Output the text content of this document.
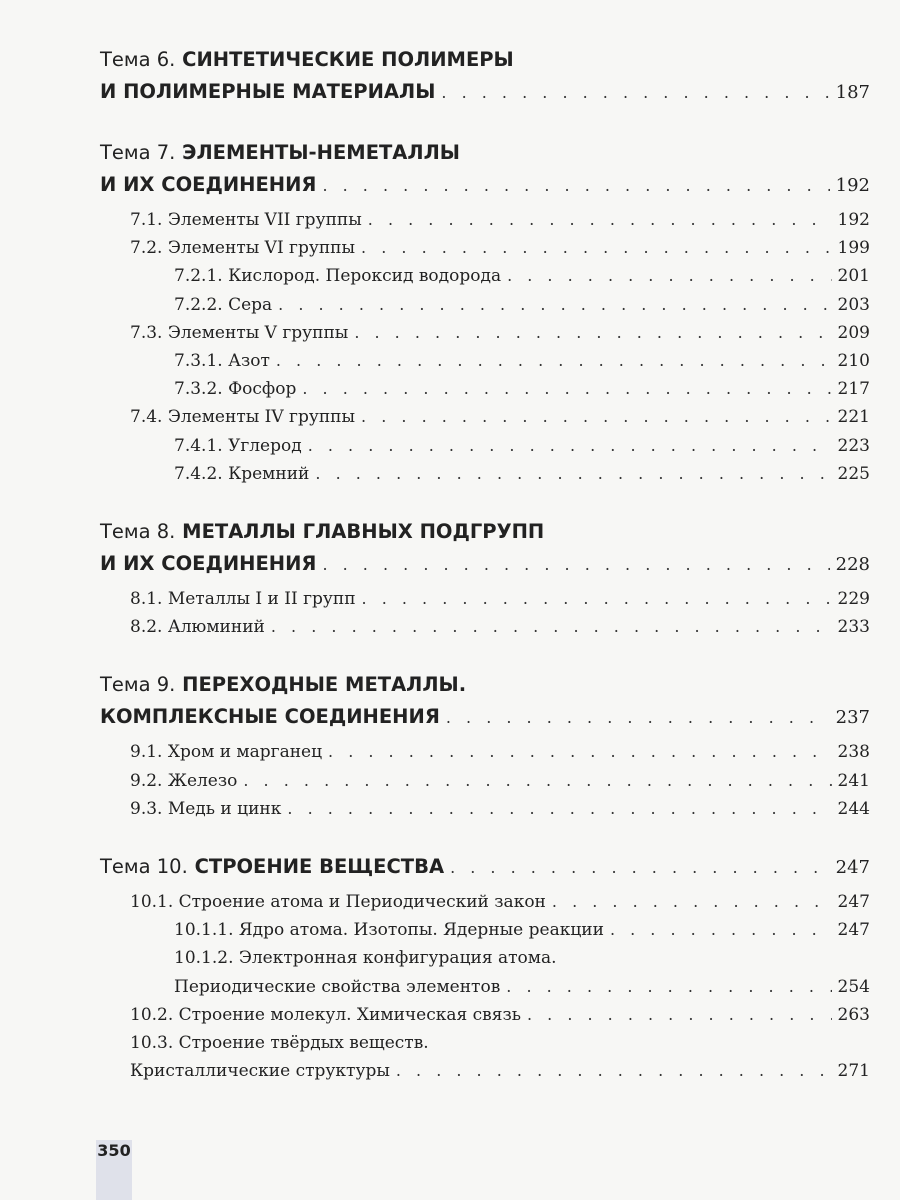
Тема 6. СИНТЕТИЧЕСКИЕ ПОЛИМЕРЫ
И ПОЛИМЕРНЫЕ МАТЕРИАЛЫ . . .	187
Тема 7. ЭЛЕМЕНТЫ-НЕМЕТАЛЛЫ
И ИХ СОЕДИНЕНИЯ . . .	192
7.1. Элементы VII группы . . .	192
7.2. Элементы VI группы . . .	199
7.2.1. Кислород. Пероксид водорода . . .	201
7.2.2. Сера . . .	203
7.3. Элементы V группы . . .	209
7.3.1. Азот . . .	210
7.3.2. Фосфор . . .	217
7.4. Элементы IV группы . . .	221
7.4.1. Углерод . . .	223
7.4.2. Кремний . . .	225
Тема 8. МЕТАЛЛЫ ГЛАВНЫХ ПОДГРУПП
И ИХ СОЕДИНЕНИЯ . . .	228
8.1. Металлы I и II групп . . .	229
8.2. Алюминий . . .	233
Тема 9. ПЕРЕХОДНЫЕ МЕТАЛЛЫ.
КОМПЛЕКСНЫЕ СОЕДИНЕНИЯ . . .	237
9.1. Хром и марганец . . .	238
9.2. Железо . . .	241
9.3. Медь и цинк . . .	244
Тема 10. СТРОЕНИЕ ВЕЩЕСТВА . . .	247
10.1. Строение атома и Периодический закон . . .	247
10.1.1. Ядро атома. Изотопы. Ядерные реакции . . .	247
10.1.2. Электронная конфигурация атома.
Периодические свойства элементов . . .	254
10.2. Строение молекул. Химическая связь . . .	263
10.3. Строение твёрдых веществ.
Кристаллические структуры . . .	271
350
